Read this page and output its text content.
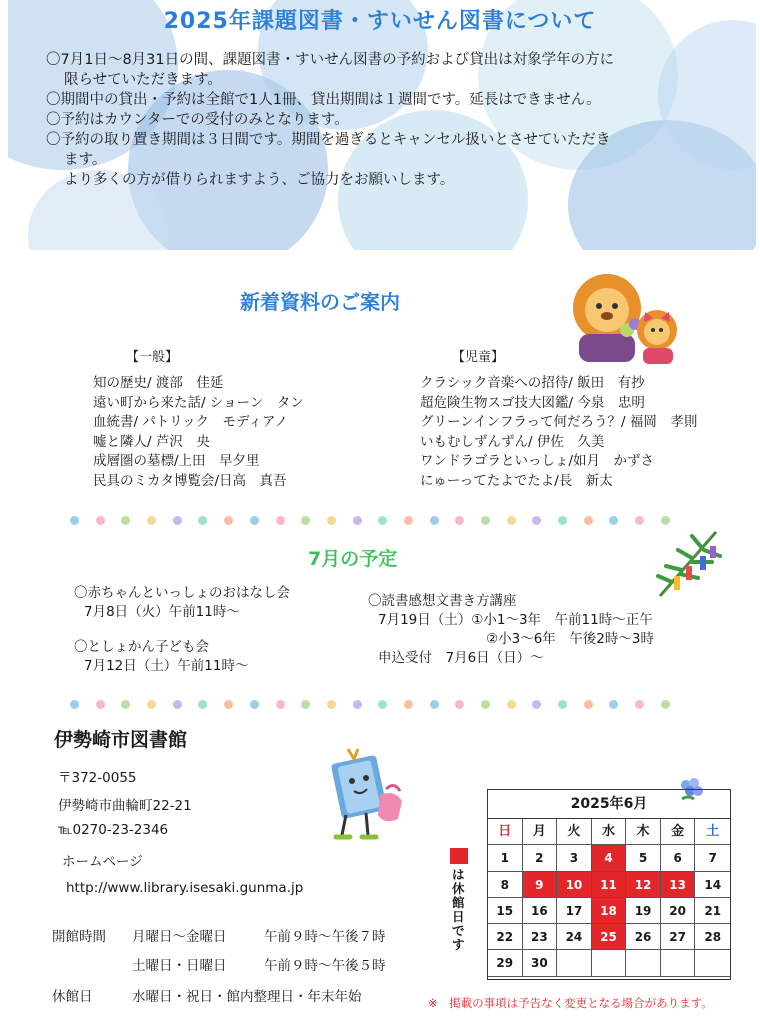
2025年課題図書・すいせん図書について
〇7月1日～8月31日の間、課題図書・すいせん図書の予約および貸出は対象学年の方に
限らせていただきます。
〇期間中の貸出・予約は全館で1人1冊、貸出期間は１週間です。延長はできません。
〇予約はカウンターでの受付のみとなります。
〇予約の取り置き期間は３日間です。期間を過ぎるとキャンセル扱いとさせていただき
ます。
より多くの方が借りられますよう、ご協力をお願いします。
新着資料のご案内
【一般】	【児童】
知の歴史/ 渡部　佳延
遠い町から来た話/ ショーン　タン
血統書/ パトリック　モディアノ
嘘と隣人/ 芦沢　央
成層圏の墓標/上田　早夕里
民具のミカタ博覧会/日高　真吾
クラシック音楽への招待/ 飯田　有抄
超危険生物スゴ技大図鑑/ 今泉　忠明
グリーンインフラって何だろう？/ 福岡　孝則
いもむしずんずん/ 伊佐　久美
ワンドラゴラといっしょ/如月　かずさ
にゅーってたよでたよ/長　新太
7月の予定
〇赤ちゃんといっしょのおはなし会
7月8日（火）午前11時～
〇としょかん子ども会
7月12日（土）午前11時～
〇読書感想文書き方講座
7月19日（土）①小1～3年　午前11時～正午
②小3～6年　午後2時～3時
申込受付　7月6日（日）～
伊勢崎市図書館
〒372-0055
伊勢崎市曲輪町22-21
℡0270-23-2346
ホームページ
http://www.library.isesaki.gunma.jp
開館時間 月曜日～金曜日	午前９時～午後７時
土曜日・日曜日	午前９時～午後５時
休館日	水曜日・祝日・館内整理日・年末年始
2025年6月
日	月	火	水	木	金	土
1	2	3	4	5	6	7
8	9	10	11	12	13	14
15	16	17	18	19	20	21
22	23	24	25	26	27	28
29	30
は休館日です
※　掲載の事項は予告なく変更となる場合があります。
